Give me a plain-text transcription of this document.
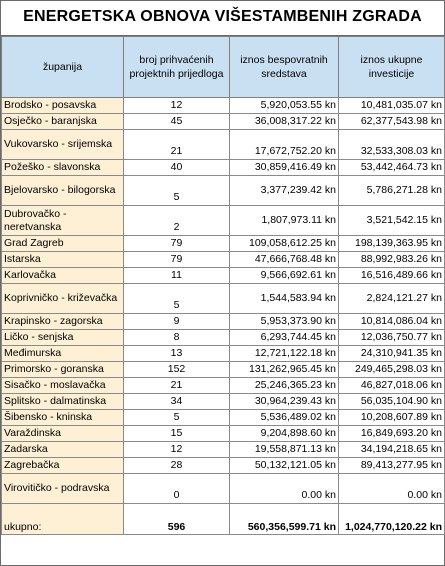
ENERGETSKA OBNOVA VIŠESTAMBENIH ZGRADA
županija	broj prihvaćenih projektnih prijedloga	iznos bespovratnih sredstava	iznos ukupne investicije
Brodsko - posavska	12	5,920,053.55 kn	10,481,035.07 kn
Osječko - baranjska	45	36,008,317.22 kn	62,377,543.98 kn
Vukovarsko - srijemska	21	17,672,752.20 kn	32,533,308.03 kn
Požeško - slavonska	40	30,859,416.49 kn	53,442,464.73 kn
Bjelovarsko - bilogorska	5	3,377,239.42 kn	5,786,271.28 kn
Dubrovačko - neretvanska	2	1,807,973.11 kn	3,521,542.15 kn
Grad Zagreb	79	109,058,612.25 kn	198,139,363.95 kn
Istarska	79	47,666,768.48 kn	88,992,983.26 kn
Karlovačka	11	9,566,692.61 kn	16,516,489.66 kn
Koprivničko - križevačka	5	1,544,583.94 kn	2,824,121.27 kn
Krapinsko - zagorska	9	5,953,373.90 kn	10,814,086.04 kn
Ličko - senjska	8	6,293,744.45 kn	12,036,750.77 kn
Međimurska	13	12,721,122.18 kn	24,310,941.35 kn
Primorsko - goranska	152	131,262,965.45 kn	249,465,298.03 kn
Sisačko - moslavačka	21	25,246,365.23 kn	46,827,018.06 kn
Splitsko - dalmatinska	34	30,964,239.43 kn	56,035,104.90 kn
Šibensko - kninska	5	5,536,489.02 kn	10,208,607.89 kn
Varaždinska	15	9,204,898.60 kn	16,849,693.20 kn
Zadarska	12	19,558,871.13 kn	34,194,218.65 kn
Zagrebačka	28	50,132,121.05 kn	89,413,277.95 kn
Virovitičko - podravska	0	0.00 kn	0.00 kn
ukupno:	596	560,356,599.71 kn	1,024,770,120.22 kn
